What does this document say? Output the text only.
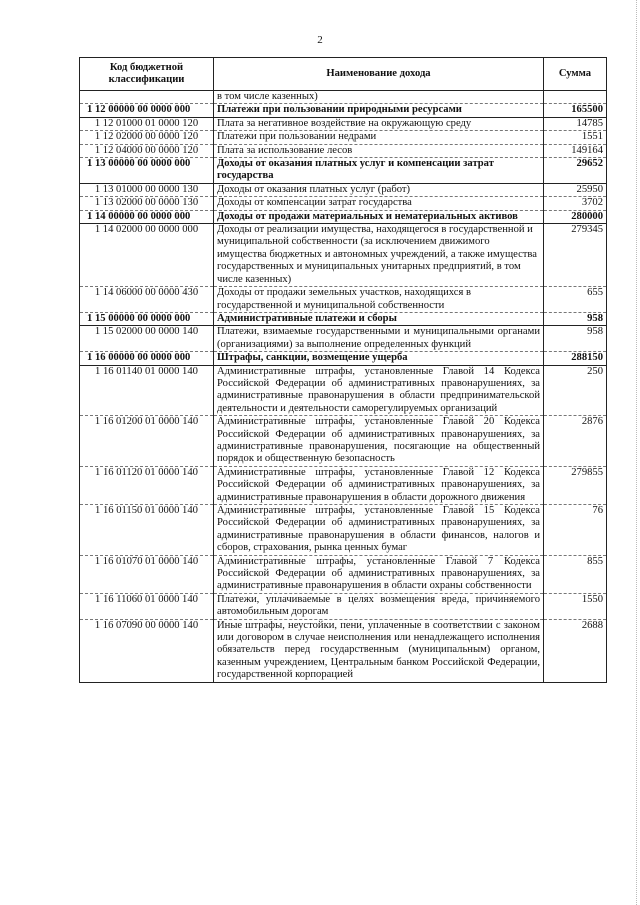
2
Код бюджетной классификации	Наименование дохода	Сумма
	в том числе казенных)	
1 12 00000 00 0000 000	Платежи при пользовании природными ресурсами	165500
1 12 01000 01 0000 120	Плата за негативное воздействие на окружающую среду	14785
1 12 02000 00 0000 120	Платежи при пользовании недрами	1551
1 12 04000 00 0000 120	Плата за использование лесов	149164
1 13 00000 00 0000 000	Доходы от оказания платных услуг и компенсации затрат государства	29652
1 13 01000 00 0000 130	Доходы от оказания платных услуг (работ)	25950
1 13 02000 00 0000 130	Доходы от компенсации затрат государства	3702
1 14 00000 00 0000 000	Доходы от продажи материальных и нематериальных активов	280000
1 14 02000 00 0000 000	Доходы от реализации имущества, находящегося в государственной и муниципальной собственности (за исключением движимого имущества бюджетных и автономных учреждений, а также имущества государственных и муниципальных унитарных предприятий, в том числе казенных)	279345
1 14 06000 00 0000 430	Доходы от продажи земельных участков, находящихся в государственной и муниципальной собственности	655
1 15 00000 00 0000 000	Административные платежи и сборы	958
1 15 02000 00 0000 140	Платежи, взимаемые государственными и муниципальными органами (организациями) за выполнение определенных функций	958
1 16 00000 00 0000 000	Штрафы, санкции, возмещение ущерба	288150
1 16 01140 01 0000 140	Административные штрафы, установленные Главой 14 Кодекса Российской Федерации об административных правонарушениях, за административные правонарушения в области предпринимательской деятельности и деятельности саморегулируемых организаций	250
1 16 01200 01 0000 140	Административные штрафы, установленные Главой 20 Кодекса Российской Федерации об административных правонарушениях, за административные правонарушения, посягающие на общественный порядок и общественную безопасность	2876
1 16 01120 01 0000 140	Административные штрафы, установленные Главой 12 Кодекса Российской Федерации об административных правонарушениях, за административные правонарушения в области дорожного движения	279855
1 16 01150 01 0000 140	Административные штрафы, установленные Главой 15 Кодекса Российской Федерации об административных правонарушениях, за административные правонарушения в области финансов, налогов и сборов, страхования, рынка ценных бумаг	76
1 16 01070 01 0000 140	Административные штрафы, установленные Главой 7 Кодекса Российской Федерации об административных правонарушениях, за административные правонарушения в области охраны собственности	855
1 16 11060 01 0000 140	Платежи, уплачиваемые в целях возмещения вреда, причиняемого автомобильным дорогам	1550
1 16 07090 00 0000 140	Иные штрафы, неустойки, пени, уплаченные в соответствии с законом или договором в случае неисполнения или ненадлежащего исполнения обязательств перед государственным (муниципальным) органом, казенным учреждением, Центральным банком Российской Федерации, государственной корпорацией	2688
